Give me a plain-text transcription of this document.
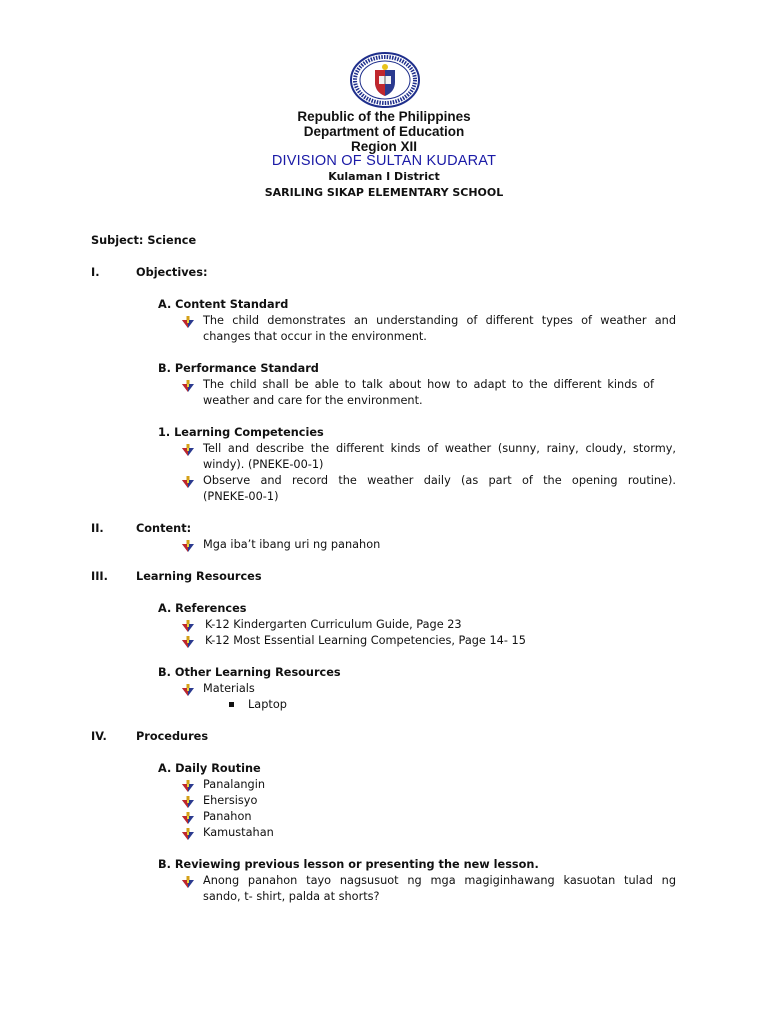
Republic of the Philippines
Department of Education
Region XII
DIVISION OF SULTAN KUDARAT
Kulaman I District
SARILING SIKAP ELEMENTARY SCHOOL
Subject: Science
I.	Objectives:
A. Content Standard
The child demonstrates an understanding of different types of weather and
changes that occur in the environment.
B. Performance Standard
The child shall be able to talk about how to adapt to the different kinds of
weather and care for the environment.
1. Learning Competencies
Tell and describe the different kinds of weather (sunny, rainy, cloudy, stormy,
windy). (PNEKE-00-1)
Observe and record the weather daily (as part of the opening routine).
(PNEKE-00-1)
II.	Content:
Mga iba’t ibang uri ng panahon
III. Learning Resources
A. References
K-12 Kindergarten Curriculum Guide, Page 23
K-12 Most Essential Learning Competencies, Page 14- 15
B. Other Learning Resources
Materials
Laptop
IV.	Procedures
A. Daily Routine
Panalangin
Ehersisyo
Panahon
Kamustahan
B. Reviewing previous lesson or presenting the new lesson.
Anong panahon tayo nagsusuot ng mga magiginhawang kasuotan tulad ng
sando, t- shirt, palda at shorts?
